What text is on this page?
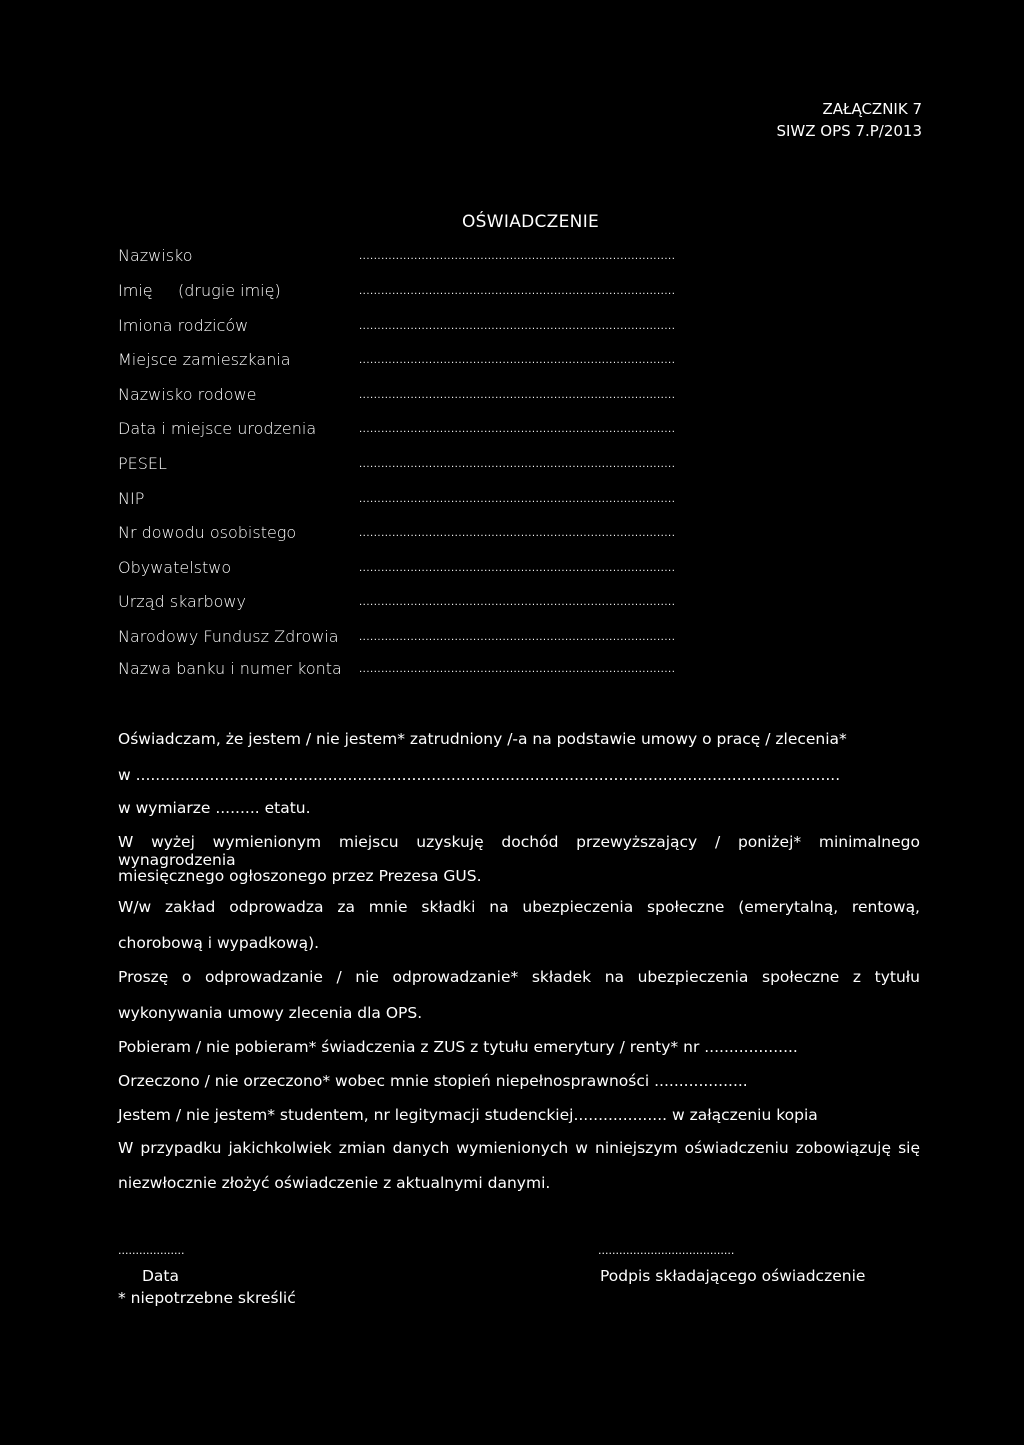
ZAŁĄCZNIK 7
SIWZ OPS 7.P/2013
OŚWIADCZENIE
Nazwisko	......................................................................................
Imię     (drugie imię)	......................................................................................
Imiona rodziców	......................................................................................
Miejsce zamieszkania	......................................................................................
Nazwisko rodowe	......................................................................................
Data i miejsce urodzenia	......................................................................................
PESEL	......................................................................................
NIP	......................................................................................
Nr dowodu osobistego	......................................................................................
Obywatelstwo	......................................................................................
Urząd skarbowy	......................................................................................
Narodowy Fundusz Zdrowia ......................................................................................
Nazwa banku i numer konta ......................................................................................
Oświadczam, że jestem / nie jestem* zatrudniony /-a na podstawie umowy o pracę / zlecenia*
w ...............................................................................................................................................
w wymiarze ......... etatu.
W wyżej wymienionym miejscu uzyskuję dochód przewyższający / poniżej* minimalnego wynagrodzenia
miesięcznego ogłoszonego przez Prezesa GUS.
W/w zakład odprowadza za mnie składki na ubezpieczenia społeczne (emerytalną, rentową,
chorobową i wypadkową).
Proszę o odprowadzanie / nie odprowadzanie* składek na ubezpieczenia społeczne z tytułu
wykonywania umowy zlecenia dla OPS.
Pobieram / nie pobieram* świadczenia z ZUS z tytułu emerytury / renty* nr ...................
Orzeczono / nie orzeczono* wobec mnie stopień niepełnosprawności ...................
Jestem / nie jestem* studentem, nr legitymacji studenckiej................... w załączeniu kopia
W przypadku jakichkolwiek zmian danych wymienionych w niniejszym oświadczeniu zobowiązuję się
niezwłocznie złożyć oświadczenie z aktualnymi danymi.
...................
Data
.......................................
Podpis składającego oświadczenie
* niepotrzebne skreślić
